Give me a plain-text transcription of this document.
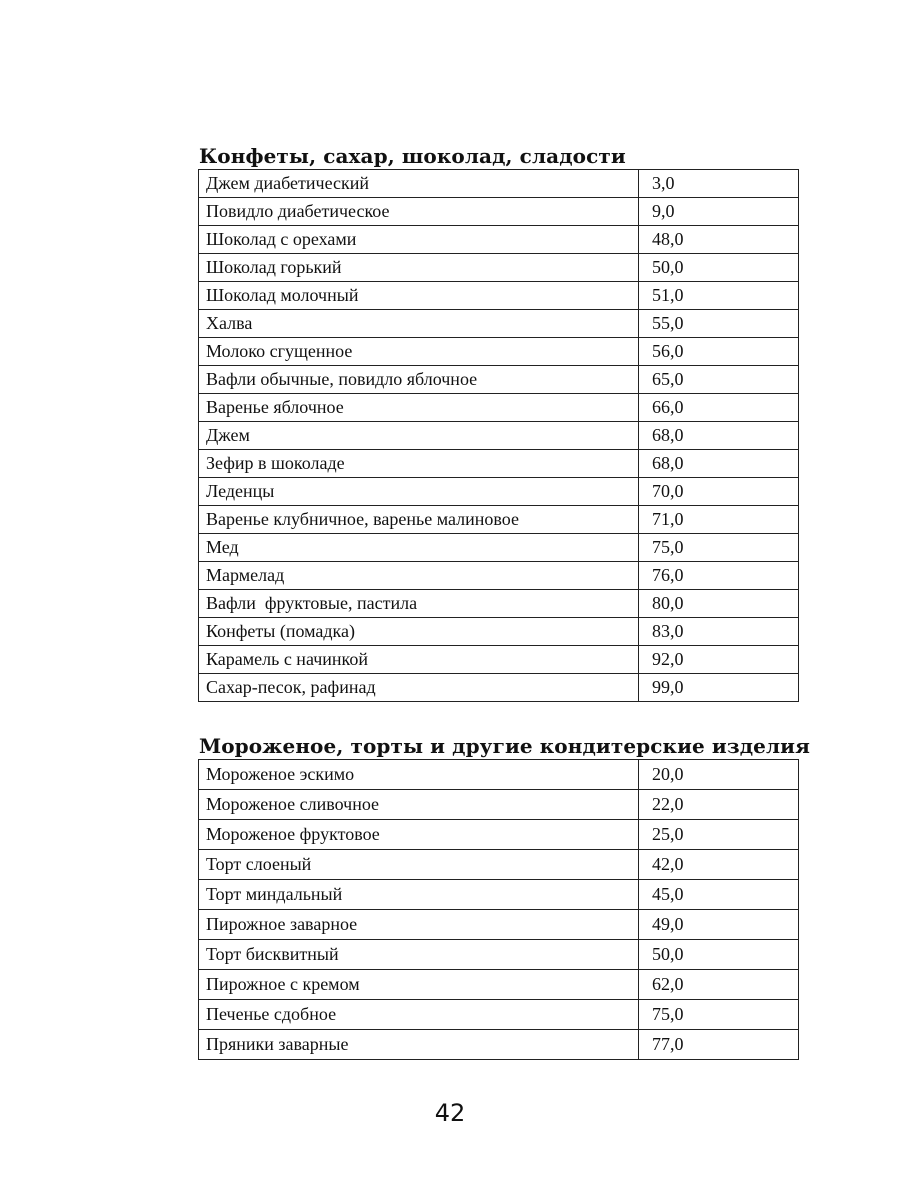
Конфеты, сахар, шоколад, сладости
Джем диабетический	3,0
Повидло диабетическое	9,0
Шоколад с орехами	48,0
Шоколад горький	50,0
Шоколад молочный	51,0
Халва	55,0
Молоко сгущенное	56,0
Вафли обычные, повидло яблочное	65,0
Варенье яблочное	66,0
Джем	68,0
Зефир в шоколаде	68,0
Леденцы	70,0
Варенье клубничное, варенье малиновое	71,0
Мед	75,0
Мармелад	76,0
Вафли  фруктовые, пастила	80,0
Конфеты (помадка)	83,0
Карамель с начинкой	92,0
Сахар-песок, рафинад	99,0
Мороженое, торты и другие кондитерские изделия
Мороженое эскимо	20,0
Мороженое сливочное	22,0
Мороженое фруктовое	25,0
Торт слоеный	42,0
Торт миндальный	45,0
Пирожное заварное	49,0
Торт бисквитный	50,0
Пирожное с кремом	62,0
Печенье сдобное	75,0
Пряники заварные	77,0
42
